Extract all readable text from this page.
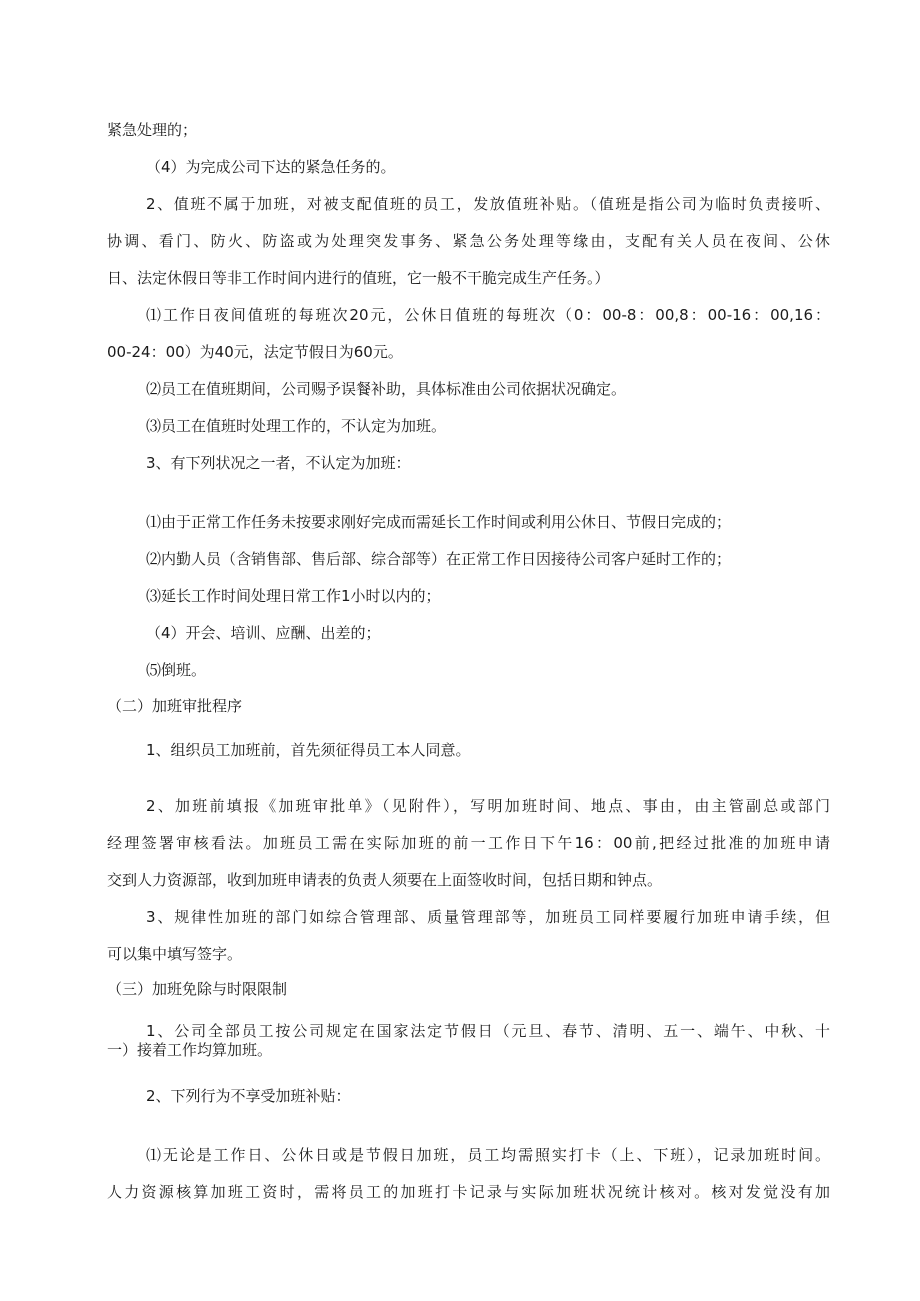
紧急处理的；

（4）为完成公司下达的紧急任务的。

2、值班不属于加班，对被支配值班的员工，发放值班补贴。（值班是指公司为临时负责接听、

协调、看门、防火、防盗或为处理突发事务、紧急公务处理等缘由，支配有关人员在夜间、公休

日、法定休假日等非工作时间内进行的值班，它一般不干脆完成生产任务。）

⑴工作日夜间值班的每班次20元，公休日值班的每班次（0：00-8：00,8：00-16：00,16：

00-24：00）为40元，法定节假日为60元。

⑵员工在值班期间，公司赐予误餐补助，具体标准由公司依据状况确定。

⑶员工在值班时处理工作的，不认定为加班。

3、有下列状况之一者，不认定为加班：

⑴由于正常工作任务未按要求刚好完成而需延长工作时间或利用公休日、节假日完成的；

⑵内勤人员（含销售部、售后部、综合部等）在正常工作日因接待公司客户延时工作的；

⑶延长工作时间处理日常工作1小时以内的；

（4）开会、培训、应酬、出差的；

⑸倒班。

（二）加班审批程序

1、组织员工加班前，首先须征得员工本人同意。

2、加班前填报《加班审批单》（见附件），写明加班时间、地点、事由，由主管副总或部门

经理签署审核看法。加班员工需在实际加班的前一工作日下午16：00前,把经过批准的加班申请

交到人力资源部，收到加班申请表的负责人须要在上面签收时间，包括日期和钟点。

3、规律性加班的部门如综合管理部、质量管理部等，加班员工同样要履行加班申请手续，但

可以集中填写签字。

（三）加班免除与时限限制

1、公司全部员工按公司规定在国家法定节假日（元旦、春节、清明、五一、端午、中秋、十

一）接着工作均算加班。

2、下列行为不享受加班补贴：

⑴无论是工作日、公休日或是节假日加班，员工均需照实打卡（上、下班），记录加班时间。

人力资源核算加班工资时，需将员工的加班打卡记录与实际加班状况统计核对。核对发觉没有加
